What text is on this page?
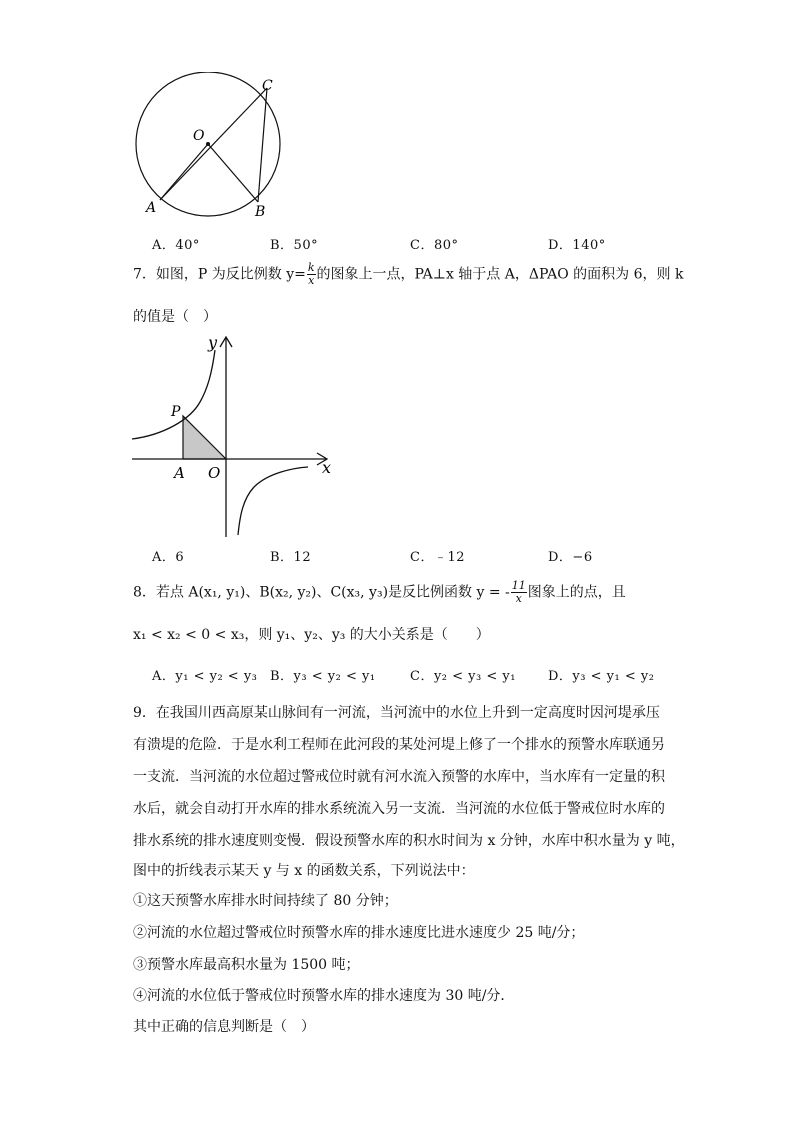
C
O
A	B
A．40°	B．50°	C．80°	D．140°
7．如图，P 为反比例数 $y= \frac{k}{x}$ 的图象上一点，PA⊥x 轴于点 A，ΔPAO 的面积为 6，则 k
的值是（　）
y
P
A O	x
A．6	B．12	C．﹣12	D．−6
8．若点 A(x₁, y₁)、B(x₂, y₂)、C(x₃, y₃)是反比例函数 y = - $\frac{11}{x}$ 图象上的点，且
x₁ < x₂ < 0 < x₃，则 y₁、y₂、y₃ 的大小关系是（　　）
A．y₁ < y₂ < y₃ B．y₃ < y₂ < y₁	C．y₂ < y₃ < y₁ D．y₃ < y₁ < y₂
9．在我国川西高原某山脉间有一河流，当河流中的水位上升到一定高度时因河堤承压
有溃堤的危险．于是水利工程师在此河段的某处河堤上修了一个排水的预警水库联通另
一支流．当河流的水位超过警戒位时就有河水流入预警的水库中，当水库有一定量的积
水后，就会自动打开水库的排水系统流入另一支流．当河流的水位低于警戒位时水库的
排水系统的排水速度则变慢．假设预警水库的积水时间为 x 分钟，水库中积水量为 y 吨，
图中的折线表示某天 y 与 x 的函数关系，下列说法中：
①这天预警水库排水时间持续了 80 分钟；
②河流的水位超过警戒位时预警水库的排水速度比进水速度少 25 吨/分；
③预警水库最高积水量为 1500 吨；
④河流的水位低于警戒位时预警水库的排水速度为 30 吨/分．
其中正确的信息判断是（　）
